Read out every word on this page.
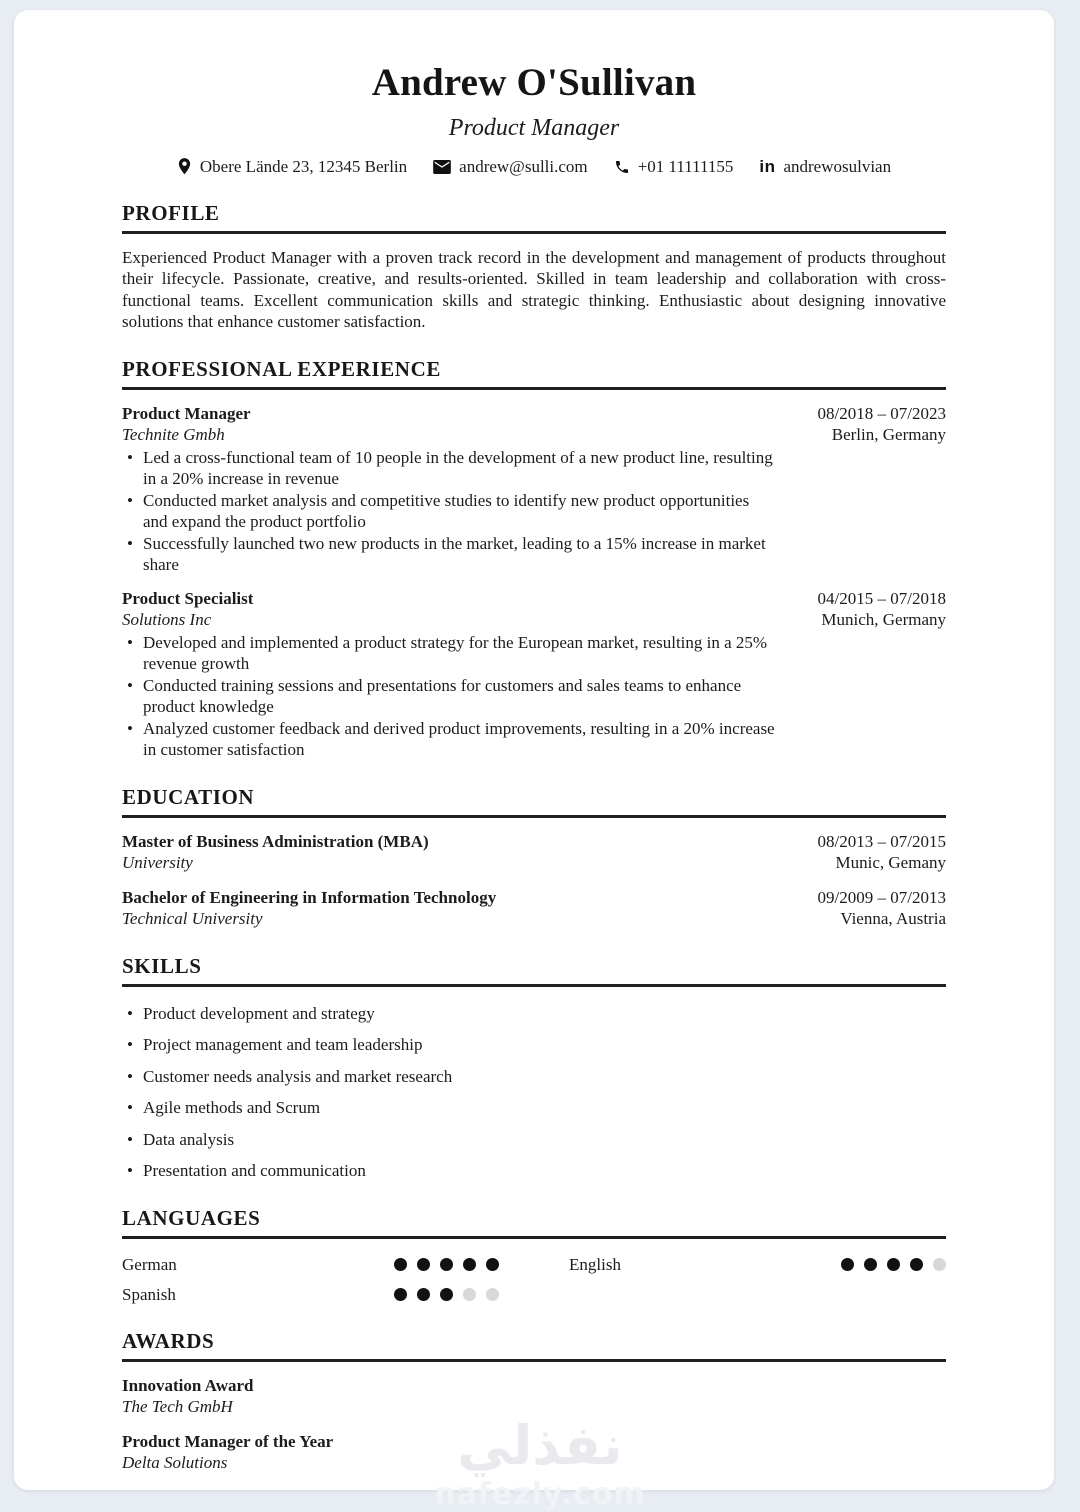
Andrew O'Sullivan
Product Manager
Obere Lände 23, 12345 Berlin	andrew@sulli.com	+01 11111155 in andrewosulvian
PROFILE

Experienced Product Manager with a proven track record in the development and management of products throughout their lifecycle. Passionate, creative, and results-oriented. Skilled in team leadership and collaboration with cross-functional teams. Excellent communication skills and strategic thinking. Enthusiastic about designing innovative solutions that enhance customer satisfaction.

PROFESSIONAL EXPERIENCE
Product Manager
Technite Gmbh
08/2018 – 07/2023
Berlin, Germany
• Led a cross-functional team of 10 people in the development of a new product line, resulting in a 20% increase in revenue
• Conducted market analysis and competitive studies to identify new product opportunities and expand the product portfolio
• Successfully launched two new products in the market, leading to a 15% increase in market share
Product Specialist
Solutions Inc
04/2015 – 07/2018
Munich, Germany
• Developed and implemented a product strategy for the European market, resulting in a 25% revenue growth
• Conducted training sessions and presentations for customers and sales teams to enhance product knowledge
• Analyzed customer feedback and derived product improvements, resulting in a 20% increase in customer satisfaction
EDUCATION
Master of Business Administration (MBA)
University
08/2013 – 07/2015
Munic, Gemany
Bachelor of Engineering in Information Technology
Technical University
09/2009 – 07/2013
Vienna, Austria
SKILLS
• Product development and strategy
• Project management and team leadership
• Customer needs analysis and market research
• Agile methods and Scrum
• Data analysis
• Presentation and communication
LANGUAGES
German	English
Spanish
AWARDS
Innovation Award
The Tech GmbH
Product Manager of the Year
Delta Solutions	نفذلي
nafezly.com
